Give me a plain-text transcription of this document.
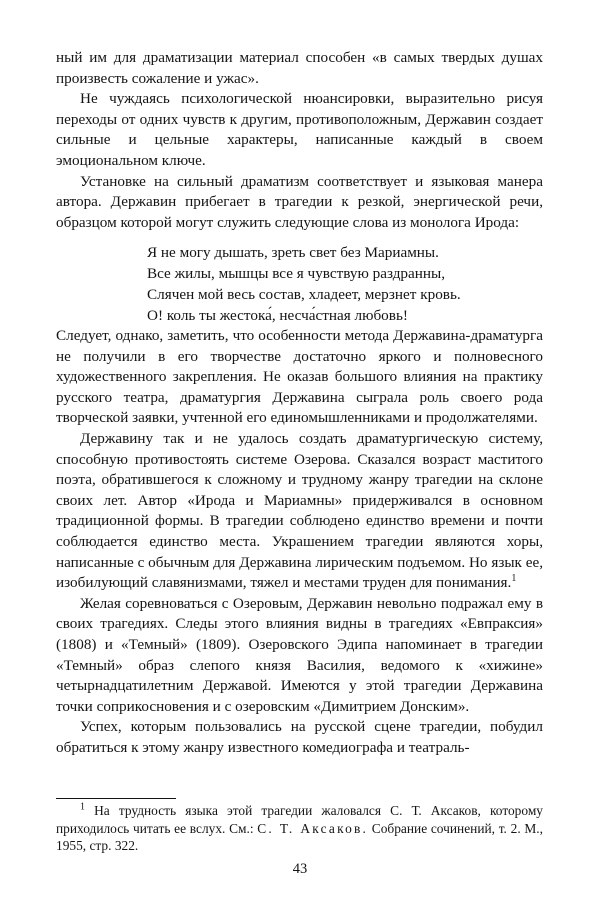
ный им для драматизации материал способен «в самых твердых душах произвесть сожаление и ужас».

Не чуждаясь психологической нюансировки, выразительно рисуя переходы от одних чувств к другим, противоположным, Державин создает сильные и цельные характеры, написанные каждый в своем эмоциональном ключе.

Установке на сильный драматизм соответствует и языковая манера автора. Державин прибегает в трагедии к резкой, энергической речи, образцом которой могут служить следующие слова из монолога Ирода:

Я не могу дышать, зреть свет без Мариамны.

Все жилы, мышцы все я чувствую раздранны,

Слячен мой весь состав, хладеет, мерзнет кровь.

О! коль ты жестока́, несча́стная любовь!

Следует, однако, заметить, что особенности метода Державина-драматурга не получили в его творчестве достаточно яркого и полновесного художественного закрепления. Не оказав большого влияния на практику русского театра, драматургия Державина сыграла роль своего рода творческой заявки, учтенной его единомышленниками и продолжателями.

Державину так и не удалось создать драматургическую систему, способную противостоять системе Озерова. Сказался возраст маститого поэта, обратившегося к сложному и трудному жанру трагедии на склоне своих лет. Автор «Ирода и Мариамны» придерживался в основном традиционной формы. В трагедии соблюдено единство времени и почти соблюдается единство места. Украшением трагедии являются хоры, написанные с обычным для Державина лирическим подъемом. Но язык ее, изобилующий славянизмами, тяжел и местами труден для понимания.$^1$

Желая соревноваться с Озеровым, Державин невольно подражал ему в своих трагедиях. Следы этого влияния видны в трагедиях «Евпраксия» (1808) и «Темный» (1809). Озеровского Эдипа напоминает в трагедии «Темный» образ слепого князя Василия, ведомого к «хижине» четырнадцатилетним Державой. Имеются у этой трагедии Державина точки соприкосновения и с озеровским «Димитрием Донским».

Успех, которым пользовались на русской сцене трагедии, побудил обратиться к этому жанру известного комедиографа и театраль-

$^1$ На трудность языка этой трагедии жаловался С. Т. Аксаков, которому приходилось читать ее вслух. См.: С. Т. Аксаков. Собрание сочинений, т. 2. М., 1955, стр. 322.

43
